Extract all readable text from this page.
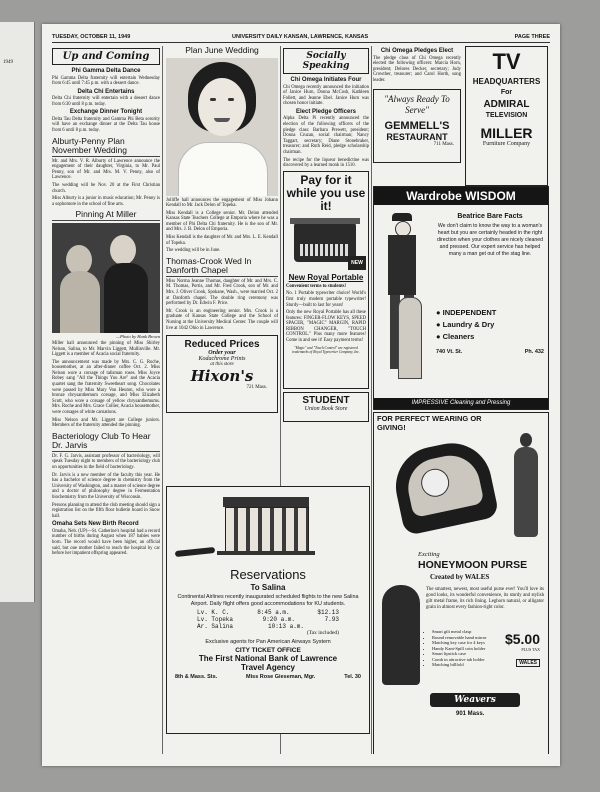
1949
TUESDAY, OCTOBER 11, 1949	UNIVERSITY DAILY KANSAN, LAWRENCE, KANSAS	PAGE THREE
Up and Coming
Phi Gamma Delta Dance

Phi Gamma Delta fraternity will entertain Wednesday from 6:45 until 7:45 p.m. with a dessert dance.

Delta Chi Entertains

Delta Chi fraternity will entertain with a dessert dance from 6:30 until 8 p.m. today.

Exchange Dinner Tonight

Delta Tau Delta fraternity and Gamma Phi Beta sorority will have an exchange dinner at the Delta Tau house from 6 until 8 p.m. today.

Alburty-Penny Plan November Wedding

Mr. and Mrs. V. R. Alburty of Lawrence announce the engagement of their daughter, Virginia, to Mr. Paul Penny, son of Mr. and Mrs. M. V. Penny, also of Lawrence.

The wedding will be Nov. 20 at the First Christian church.

Miss Alburty is a junior in music education; Mr. Penny is a sophomore in the school of fine arts.

Pinning At Miller
—Photo by Hank Brown

Miller hall announced the pinning of Miss Shirley Nelson, Salina, to Mr. Marvin Liggett, Mullinville. Mr. Liggett is a member of Acacia social fraternity.

The announcement was made by Mrs. C. G. Roche, housemother, at an after-dinner coffee Oct. 2. Miss Nelson wore a corsage of talisman roses. Miss Joyce Robey sang "All the Things You Are" and the Acacia quartet sang the fraternity Sweetheart song. Chocolates were passed by Miss Mary Von Heuton, who wore a bronze chrysanthemum corsage, and Miss Elizabeth Scott, who wore a corsage of yellow chrysanthemums. Mrs. Roche and Mrs. Grace Collier, Acacia housemother, were corsages of white carnations.

Miss Nelson and Mr. Liggett are College juniors. Members of the fraternity attended the pinning.

Bacteriology Club To Hear Dr. Jarvis

Dr. F. G. Jarvis, assistant professor of bacteriology, will speak Tuesday night to members of the bacteriology club on opportunities in the field of bacteriology.

Dr. Jarvis is a new member of the faculty this year. He has a bachelor of science degree in chemistry from the University of Washington, and a master of science degree and a doctor of philosophy degree in Fermentation biochemistry from the University of Wisconsin.

Persons planning to attend the club meeting should sign a registration list on the fifth floor bulletin board in Snow hall.

Omaha Sets New Birth Record

Omaha, Neb. (UP)—St. Catherine's hospital had a record number of births during August when 187 babies were born. The record would have been higher, an official said, but one mother failed to reach the hospital by car before her impatient offspring appeared.

Plan June Wedding

Jolliffe hall announces the engagement of Miss Johann Kendall to Mr. Jack Delon of Topeka.

Miss Kendall is a College senior. Mr. Delon attended Kansas State Teachers College at Emporia where he was a member of Phi Delta Chi fraternity. He is the son of Mr. and Mrs. J. B. Delon of Emporia.

Miss Kendall is the daughter of Mr. and Mrs. L. E. Kendall of Topeka.

The wedding will be in June.

Thomas-Crook Wed In Danforth Chapel

Miss Norma Jeanne Thomas, daughter of Mr. and Mrs. C. M. Thomas, Portis, and Mr. Fred Crook, son of Mr. and Mrs. J. Oliver Crook, Spokane, Wash., were married Oct. 2 at Danforth chapel. The double ring ceremony was performed by Dr. Edwin F. Price.

Mr. Crook is an engineering senior. Mrs. Crook is a graduate of Kansas State College and the School of Nursing at the University Medical Center. The couple will live at 1042 Ohio in Lawrence.

Reduced Prices
Order your
Kodachrome Prints
at this store
Hixon's
721 Mass.
Socially Speaking
Chi Omega Initiates Four

Chi Omega recently announced the initiation of Janice Hurn, Donna McCosh, Kathleen Follett, and Jeanne Ebel. Janice Hurn was chosen honor initiate.

Elect Pledge Officers

Alpha Delta Pi recently announced the election of the following officers of the pledge class: Barbara Prewett, president; Donna Cruzan, social chairman; Nancy Taggart, secretary; Diane Stonebraker, treasurer; and Ruth Reid, pledge scholarship chairman.

The recipe for the liqueur benedictine was discovered by a learned monk in 1510.

Pay for it while you use it!
NEW
New Royal Portable

Convenient terms to students!

No. 1 Portable typewriter choice! World's first truly modern portable typewriter! Sturdy—built to last for years!

Only the new Royal Portable has all these features: FINGER-FLOW KEYS, SPEED SPACER, "MAGIC" MARGIN, RAPID RIBBON CHANGER, "TOUCH CONTROL." Plus many more features! Come in and see it! Easy payment terms!

"Magic" and "Touch Control" are registered trademarks of Royal Typewriter Company, Inc.

STUDENT
Union Book Store
Chi Omega Pledges Elect

The pledge class of Chi Omega recently elected the following officers: Marcia Horn, president; Delores Decker, secretary; Judy Crowther, treasurer; and Carol Horth, song leader.

"Always Ready To Serve"
GEMMELL'S
RESTAURANT
711 Mass.
TV
HEADQUARTERS
For
ADMIRAL
TELEVISION
MILLER
Furniture Company
Wardrobe WISDOM
Beatrice Bare Facts
We don't claim to know the way to a woman's heart but you are certainly headed in the right direction when your clothes are nicely cleaned and pressed. Our expert service has helped many a man get out of the stag line.
● INDEPENDENT
● Laundry & Dry
● Cleaners
740 Vt. St.	Ph. 432
IMPRESSIVE Cleaning and Pressing
FOR PERFECT WEARING OR GIVING!
Exciting
HONEYMOON PURSE
Created by WALES
The smartest, newest, most useful purse ever! You'll love its good looks, its wonderful convenience, its sturdy and stylish gilt metal frame, its rich lining. Leghorn natural, or alligator grain in almost every fashion-right color.
• Smart gilt metal clasp
• Round removable hand mirror
• Matching key case for 4 keys
• Handy Kant-Spill coin holder
• Smart lipstick case
• Comb in attractive tab holder
• Matching billfold
$5.00
PLUS TAX
WALES
Weavers
901 Mass.
Reservations
To Salina
Continental Airlines recently inaugurated scheduled flights to the new Salina Airport. Daily flight offers good accommodations for KU students.
Lv. K. C.	8:45 a.m.	$12.13
Lv. Topeka	9:20 a.m.	7.93
Ar. Salina	10:13 a.m.
(Tax included)
Exclusive agents for Pan American Airways System
CITY TICKET OFFICE
The First National Bank of Lawrence
Travel Agency
8th & Mass. Sts.	Miss Rose Gieseman, Mgr.	Tel. 30
